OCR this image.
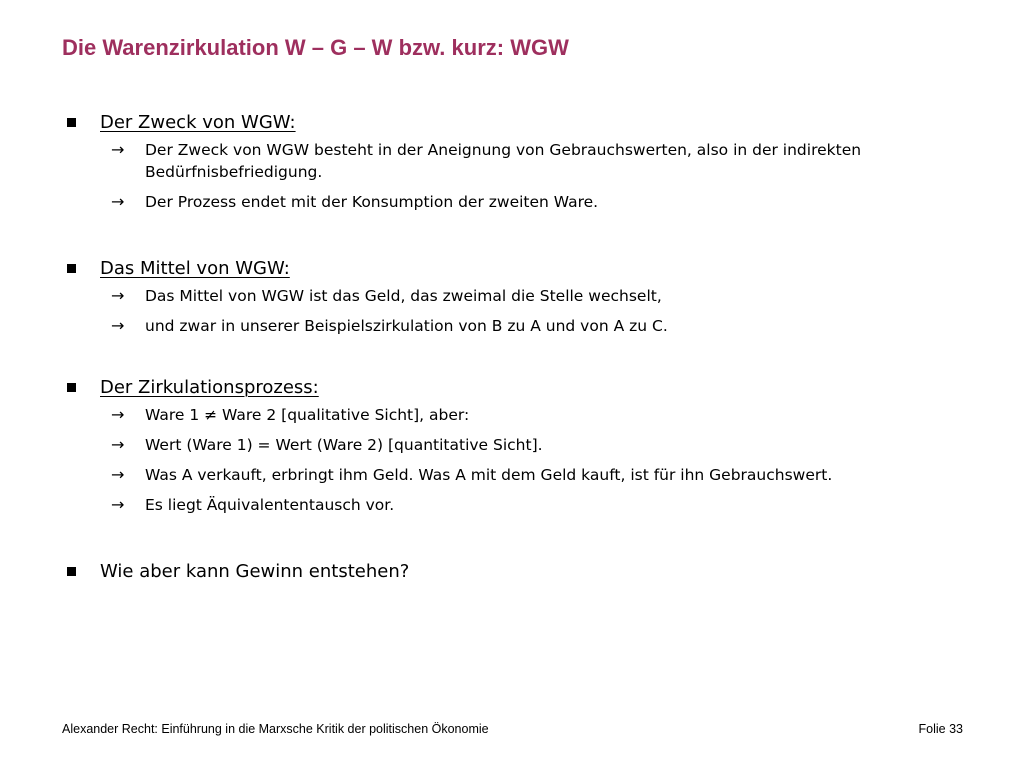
Die Warenzirkulation W – G – W bzw. kurz: WGW
Der Zweck von WGW:
→	Der Zweck von WGW besteht in der Aneignung von Gebrauchswerten, also in der indirekten Bedürfnisbefriedigung.
→	Der Prozess endet mit der Konsumption der zweiten Ware.
Das Mittel von WGW:
→	Das Mittel von WGW ist das Geld, das zweimal die Stelle wechselt,
→	und zwar in unserer Beispielszirkulation von B zu A und von A zu C.
Der Zirkulationsprozess:
→	Ware 1 ≠ Ware 2 [qualitative Sicht], aber:
→	Wert (Ware 1) = Wert (Ware 2) [quantitative Sicht].
→	Was A verkauft, erbringt ihm Geld. Was A mit dem Geld kauft, ist für ihn Gebrauchswert.
→	Es liegt Äquivalententausch vor.
Wie aber kann Gewinn entstehen?
Alexander Recht: Einführung in die Marxsche Kritik der politischen Ökonomie	Folie 33
